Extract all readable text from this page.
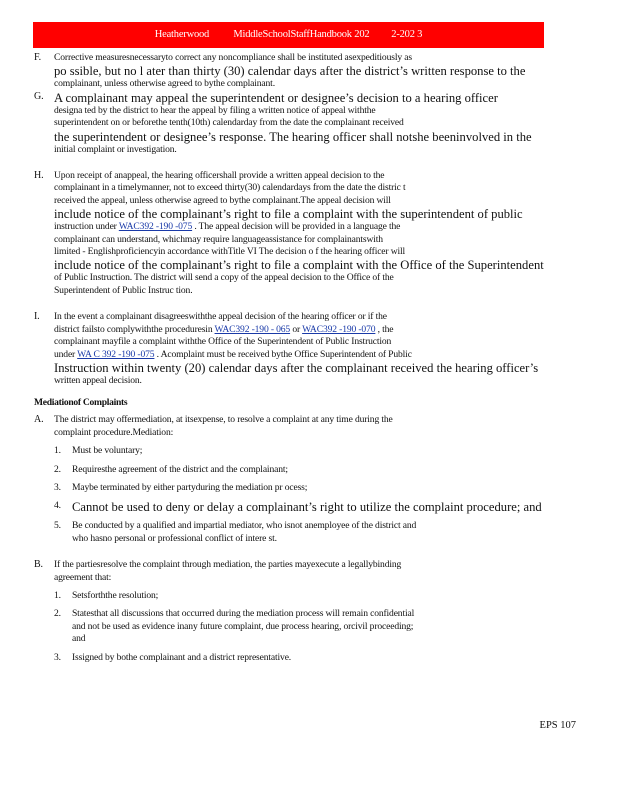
Heatherwood MiddleSchoolStaffHandbook 202 2-202 3
F. Corrective measuresnecessaryto correct any noncompliance shall be instituted asexpeditiously as

po ssible, but no l ater than thirty (30) calendar days after the district’s written response to the

complainant, unless otherwise agreed to bythe complainant.

G. A complainant may appeal the superintendent or designee’s decision to a hearing officer

designa ted by the district to hear the appeal by filing a written notice of appeal withthe

superintendent on or beforethe tenth(10th) calendarday from the date the complainant received

the superintendent or designee’s response. The hearing officer shall notshe beeninvolved in the

initial complaint or investigation.

H. Upon receipt of anappeal, the hearing officershall provide a written appeal decision to the

complainant in a timelymanner, not to exceed thirty(30) calendardays from the date the distric t

received the appeal, unless otherwise agreed to bythe complainant.The appeal decision will

include notice of the complainant’s right to file a complaint with the superintendent of public

instruction under WAC392 -190 -075 . The appeal decision will be provided in a language the

complainant can understand, whichmay require languageassistance for complainantswith

limited - Englishproficiencyin accordance withTitle VI The decision o f the hearing officer will

include notice of the complainant’s right to file a complaint with the Office of the Superintendent

of Public Instruction. The district will send a copy of the appeal decision to the Office of the

Superintendent of Public Instruc tion.

I. In the event a complainant disagreeswiththe appeal decision of the hearing officer or if the

district failsto complywiththe proceduresin WAC392 -190 - 065 or WAC392 -190 -070 , the

complainant mayfile a complaint withthe Office of the Superintendent of Public Instruction

under WA C 392 -190 -075 . Acomplaint must be received bythe Office Superintendent of Public

Instruction within twenty (20) calendar days after the complainant received the hearing officer’s

written appeal decision.

Mediationof Complaints
A. The district may offermediation, at itsexpense, to resolve a complaint at any time during the

complaint procedure.Mediation:

1. Must be voluntary;

2. Requiresthe agreement of the district and the complainant;

3. Maybe terminated by either partyduring the mediation pr ocess;

4. Cannot be used to deny or delay a complainant’s right to utilize the complaint procedure; and

5. Be conducted by a qualified and impartial mediator, who isnot anemployee of the district and

who hasno personal or professional conflict of intere st.

B. If the partiesresolve the complaint through mediation, the parties mayexecute a legallybinding

agreement that:

1. Setsforththe resolution;

2. Statesthat all discussions that occurred during the mediation process will remain confidential

and not be used as evidence inany future complaint, due process hearing, orcivil proceeding;

and

3. Issigned by bothe complainant and a district representative.

EPS 107
